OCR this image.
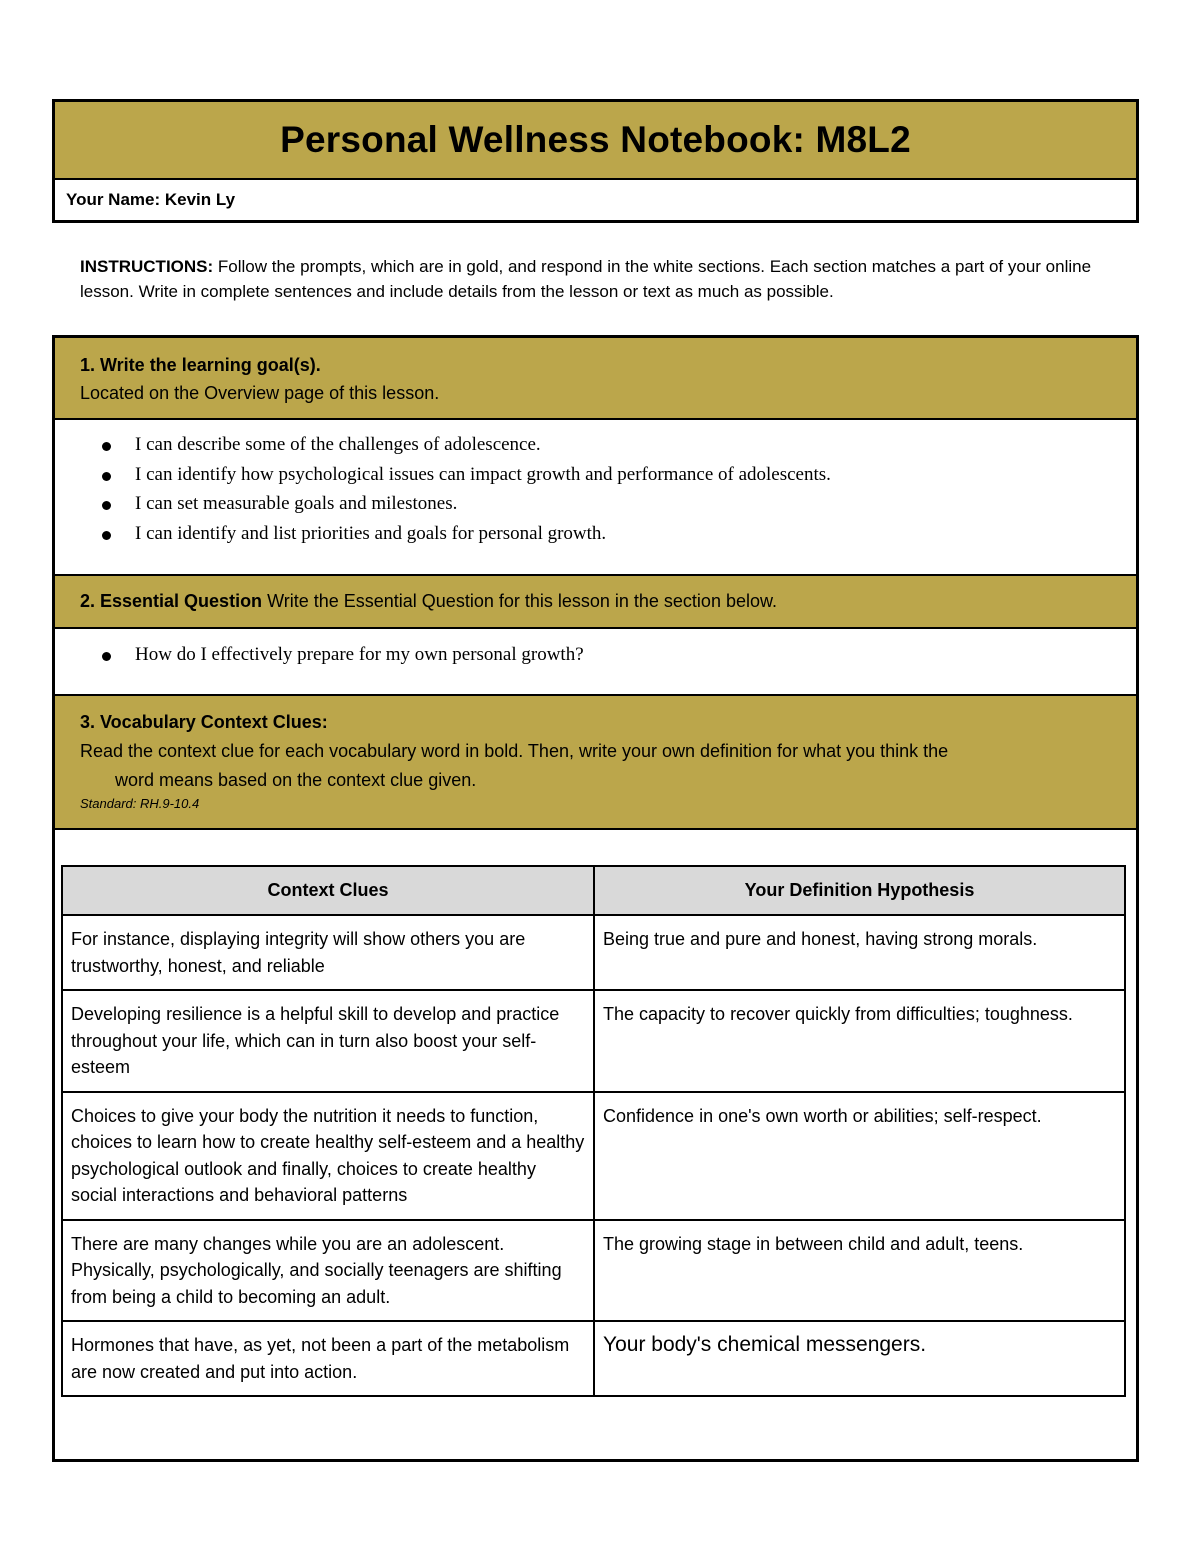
Personal Wellness Notebook: M8L2
Your Name: Kevin Ly
INSTRUCTIONS: Follow the prompts, which are in gold, and respond in the white sections. Each section matches a part of your online lesson. Write in complete sentences and include details from the lesson or text as much as possible.
1. Write the learning goal(s).
Located on the Overview page of this lesson.
I can describe some of the challenges of adolescence.
I can identify how psychological issues can impact growth and performance of adolescents.
I can set measurable goals and milestones.
I can identify and list priorities and goals for personal growth.
2. Essential Question Write the Essential Question for this lesson in the section below.
How do I effectively prepare for my own personal growth?
3. Vocabulary Context Clues:
Read the context clue for each vocabulary word in bold. Then, write your own definition for what you think the
word means based on the context clue given.
Standard: RH.9-10.4
Context Clues	Your Definition Hypothesis
For instance, displaying integrity will show others you are trustworthy, honest, and reliable	Being true and pure and honest, having strong morals.
Developing resilience is a helpful skill to develop and practice throughout your life, which can in turn also boost your self-esteem	The capacity to recover quickly from difficulties; toughness.
Choices to give your body the nutrition it needs to function, choices to learn how to create healthy self-esteem and a healthy psychological outlook and finally, choices to create healthy social interactions and behavioral patterns	Confidence in one's own worth or abilities; self-respect.
There are many changes while you are an adolescent. Physically, psychologically, and socially teenagers are shifting from being a child to becoming an adult.	The growing stage in between child and adult, teens.
Hormones that have, as yet, not been a part of the metabolism are now created and put into action.	Your body's chemical messengers.
